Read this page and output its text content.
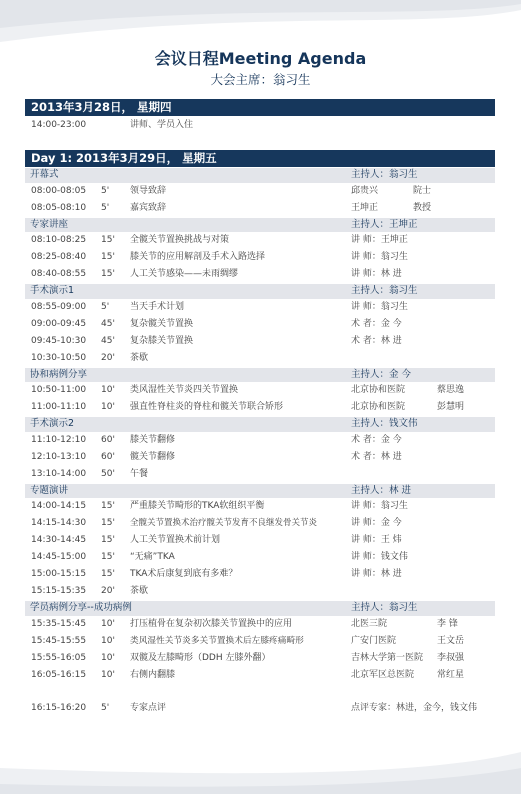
会议日程Meeting Agenda
大会主席：翁习生
2013年3月28日， 星期四
14:00-23:00	讲师、学员入住
Day 1: 2013年3月29日， 星期五
开幕式	主持人：翁习生
08:00-08:05 5' 领导致辞	邱贵兴	院士
08:05-08:10 5' 嘉宾致辞	王坤正	教授
专家讲座	主持人：王坤正
08:10-08:25 15' 全髋关节置换挑战与对策	讲 师：王坤正
08:25-08:40 15' 膝关节的应用解剖及手术入路选择	讲 师：翁习生
08:40-08:55 15' 人工关节感染——未雨绸缪	讲 师：林 进
手术演示1	主持人：翁习生
08:55-09:00 5' 当天手术计划	讲 师：翁习生
09:00-09:45 45' 复杂髋关节置换	术 者：金 今
09:45-10:30 45' 复杂膝关节置换	术 者：林 进
10:30-10:50 20' 茶歇
协和病例分享	主持人：金 今
10:50-11:00 10' 类风湿性关节炎四关节置换	北京协和医院	蔡思逸
11:00-11:10 10' 强直性脊柱炎的脊柱和髋关节联合矫形	北京协和医院	彭慧明
手术演示2	主持人：钱文伟
11:10-12:10 60' 膝关节翻修	术 者：金 今
12:10-13:10 60' 髋关节翻修	术 者：林 进
13:10-14:00 50' 午餐
专题演讲	主持人：林 进
14:00-14:15 15' 严重膝关节畸形的TKA软组织平衡	讲 师：翁习生
14:15-14:30 15' 全髋关节置换术治疗髋关节发育不良继发骨关节炎	讲 师：金 今
14:30-14:45 15' 人工关节置换术前计划	讲 师：王 炜
14:45-15:00 15' “无痛”TKA	讲 师：钱文伟
15:00-15:15 15' TKA术后康复到底有多难？	讲 师：林 进
15:15-15:35 20' 茶歇
学员病例分享--成功病例	主持人：翁习生
15:35-15:45 10' 打压植骨在复杂初次膝关节置换中的应用	北医三院	李 锋
15:45-15:55 10' 类风湿性关节炎多关节置换术后左膝疼痛畸形	广安门医院	王文岳
15:55-16:05 10' 双髋及左膝畸形（DDH 左膝外翻）	吉林大学第一医院 李叔强
16:05-16:15 10' 右侧内翻膝	北京军区总医院	常红星
16:15-16:20 5' 专家点评	点评专家：林进，金今，钱文伟
